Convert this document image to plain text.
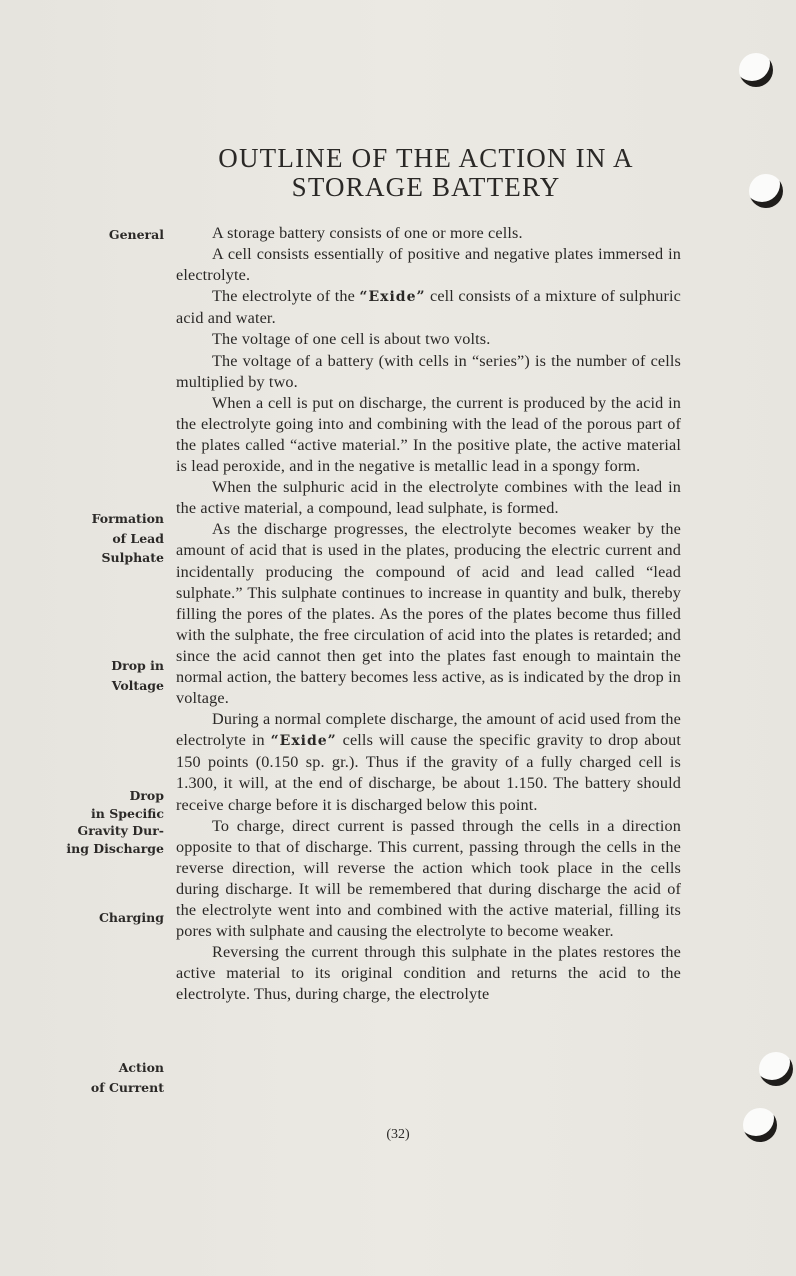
OUTLINE OF THE ACTION IN A
STORAGE BATTERY
General
Formation
of Lead
Sulphate
Drop in
Voltage
Drop
in Specific
Gravity Dur-
ing Discharge
Charging
Action
of Current

A storage battery consists of one or more cells.

A cell consists essentially of positive and negative plates immersed in electrolyte.

The electrolyte of the “Exide” cell consists of a mixture of sulphuric acid and water.

The voltage of one cell is about two volts.

The voltage of a battery (with cells in “series”) is the number of cells multiplied by two.

When a cell is put on discharge, the current is produced by the acid in the electrolyte going into and combining with the lead of the porous part of the plates called “active material.” In the positive plate, the active material is lead peroxide, and in the negative is metallic lead in a spongy form.

When the sulphuric acid in the electrolyte combines with the lead in the active material, a compound, lead sulphate, is formed.

As the discharge progresses, the electrolyte becomes weaker by the amount of acid that is used in the plates, producing the electric current and incidentally producing the compound of acid and lead called “lead sulphate.” This sulphate continues to increase in quantity and bulk, thereby filling the pores of the plates. As the pores of the plates become thus filled with the sulphate, the free circulation of acid into the plates is retarded; and since the acid cannot then get into the plates fast enough to maintain the normal action, the battery becomes less active, as is indicated by the drop in voltage.

During a normal complete discharge, the amount of acid used from the electrolyte in “Exide” cells will cause the specific gravity to drop about 150 points (0.150 sp. gr.). Thus if the gravity of a fully charged cell is 1.300, it will, at the end of discharge, be about 1.150. The battery should receive charge before it is discharged below this point.

To charge, direct current is passed through the cells in a direction opposite to that of discharge. This current, passing through the cells in the reverse direction, will reverse the action which took place in the cells during discharge. It will be remembered that during discharge the acid of the electrolyte went into and combined with the active material, filling its pores with sulphate and causing the electrolyte to become weaker.

Reversing the current through this sulphate in the plates restores the active material to its original condition and returns the acid to the electrolyte. Thus, during charge, the electrolyte

(32)
